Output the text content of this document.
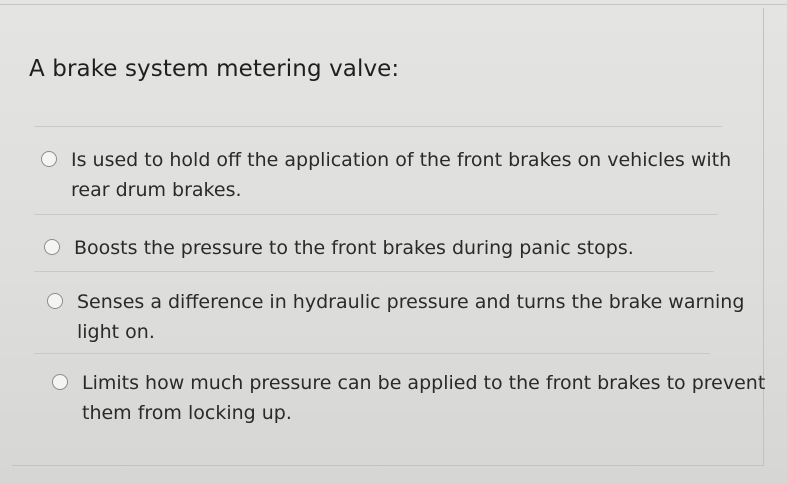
A brake system metering valve:
Is used to hold off the application of the front brakes on vehicles with
rear drum brakes.
Boosts the pressure to the front brakes during panic stops.
Senses a difference in hydraulic pressure and turns the brake warning
light on.
Limits how much pressure can be applied to the front brakes to prevent
them from locking up.
